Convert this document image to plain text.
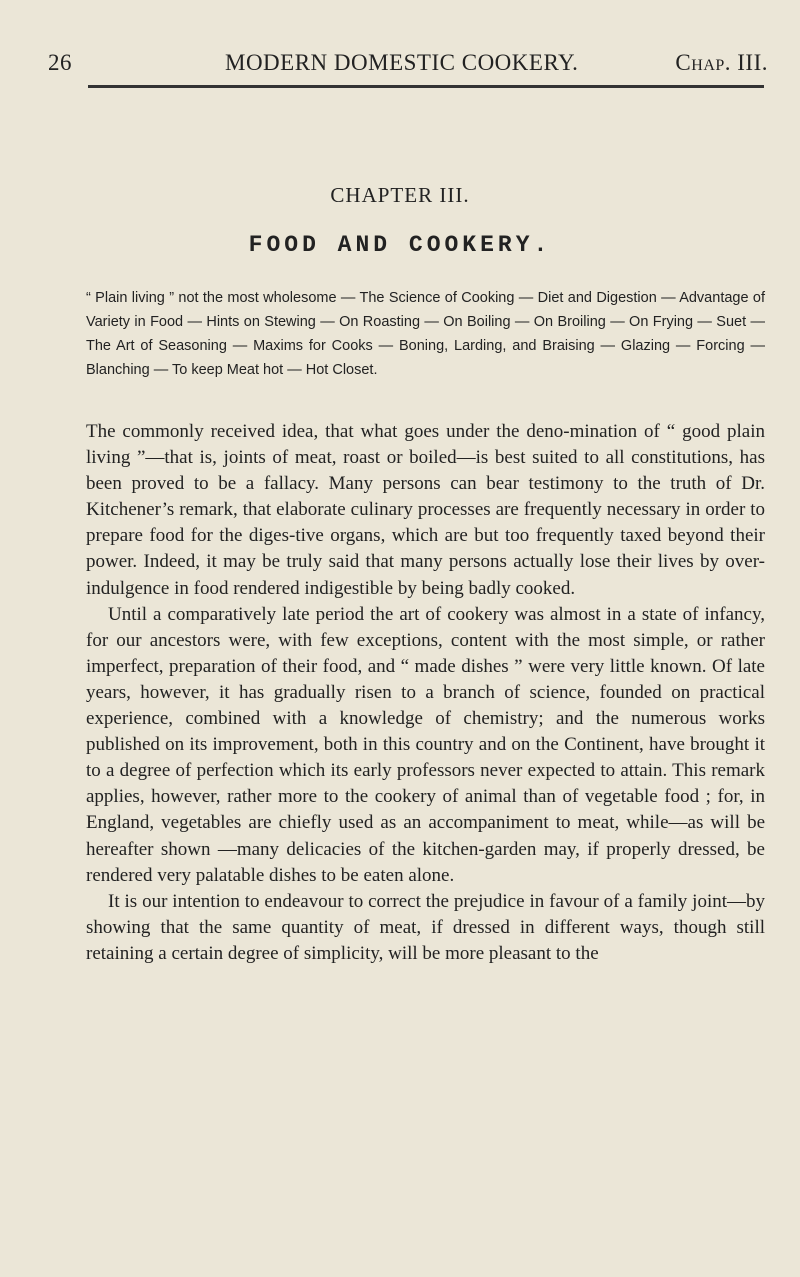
26	MODERN DOMESTIC COOKERY.	Chap. III.
CHAPTER III.
FOOD AND COOKERY.
“ Plain living ” not the most wholesome — The Science of Cooking — Diet and Digestion — Advantage of Variety in Food — Hints on Stewing — On Roasting — On Boiling — On Broiling — On Frying — Suet — The Art of Seasoning — Maxims for Cooks — Boning, Larding, and Braising — Glazing — Forcing — Blanching — To keep Meat hot — Hot Closet.

The commonly received idea, that what goes under the deno-mination of “ good plain living ”—that is, joints of meat, roast or boiled—is best suited to all constitutions, has been proved to be a fallacy. Many persons can bear testimony to the truth of Dr. Kitchener’s remark, that elaborate culinary processes are frequently necessary in order to prepare food for the diges-tive organs, which are but too frequently taxed beyond their power. Indeed, it may be truly said that many persons actually lose their lives by over-indulgence in food rendered indigestible by being badly cooked.

Until a comparatively late period the art of cookery was almost in a state of infancy, for our ancestors were, with few exceptions, content with the most simple, or rather imperfect, preparation of their food, and “ made dishes ” were very little known. Of late years, however, it has gradually risen to a branch of science, founded on practical experience, combined with a knowledge of chemistry; and the numerous works published on its improvement, both in this country and on the Continent, have brought it to a degree of perfection which its early professors never expected to attain. This remark applies, however, rather more to the cookery of animal than of vegetable food ; for, in England, vegetables are chiefly used as an accompaniment to meat, while—as will be hereafter shown —many delicacies of the kitchen-garden may, if properly dressed, be rendered very palatable dishes to be eaten alone.

It is our intention to endeavour to correct the prejudice in favour of a family joint—by showing that the same quantity of meat, if dressed in different ways, though still retaining a certain degree of simplicity, will be more pleasant to the
